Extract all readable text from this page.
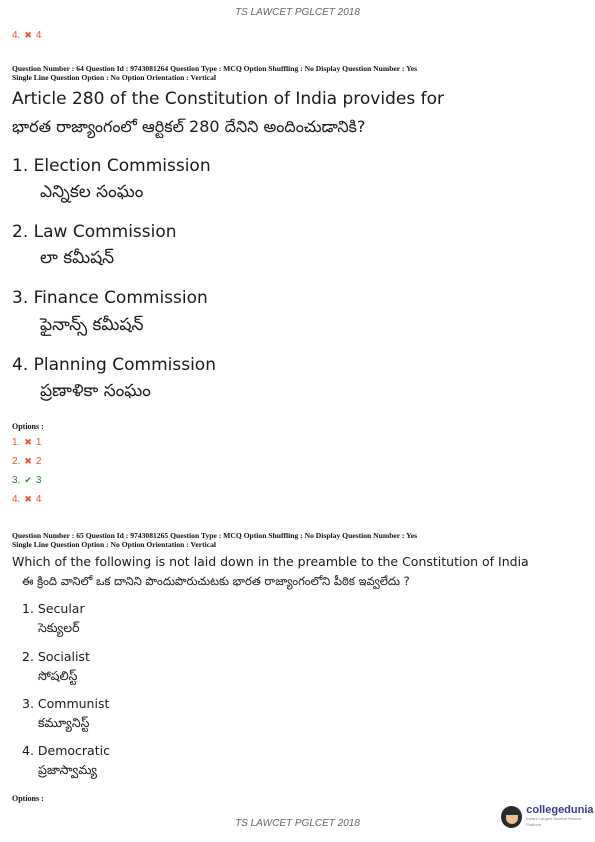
TS LAWCET PGLCET 2018
4. ✖ 4
Question Number : 64 Question Id : 9743081264 Question Type : MCQ Option Shuffling : No Display Question Number : Yes
Single Line Question Option : No Option Orientation : Vertical
Article 280 of the Constitution of India provides for
భారత రాజ్యాంగంలో ఆర్టికల్ 280 దేనిని అందించుడానికి?
1. Election Commission
ఎన్నికల సంఘం
2. Law Commission
లా కమీషన్
3. Finance Commission
ఫైనాన్స్ కమీషన్
4. Planning Commission
ప్రణాళికా సంఘం
Options :
1. ✖ 1
2. ✖ 2
3. ✔ 3
4. ✖ 4
Question Number : 65 Question Id : 9743081265 Question Type : MCQ Option Shuffling : No Display Question Number : Yes
Single Line Question Option : No Option Orientation : Vertical
Which of the following is not laid down in the preamble to the Constitution of India
ఈ క్రింది వానిలో ఒక దానిని పొందుపొరుచుటకు భారత రాజ్యాంగంలోని పీఠిక ఇవ్వలేదు ?
1. Secular
సెక్యులర్
2. Socialist
సోషలిస్ట్
3. Communist
కమ్యూనిస్ట్
4. Democratic
ప్రజాస్వామ్య
Options :
TS LAWCET PGLCET 2018
collegedunia
India's Largest Student Review Platform
